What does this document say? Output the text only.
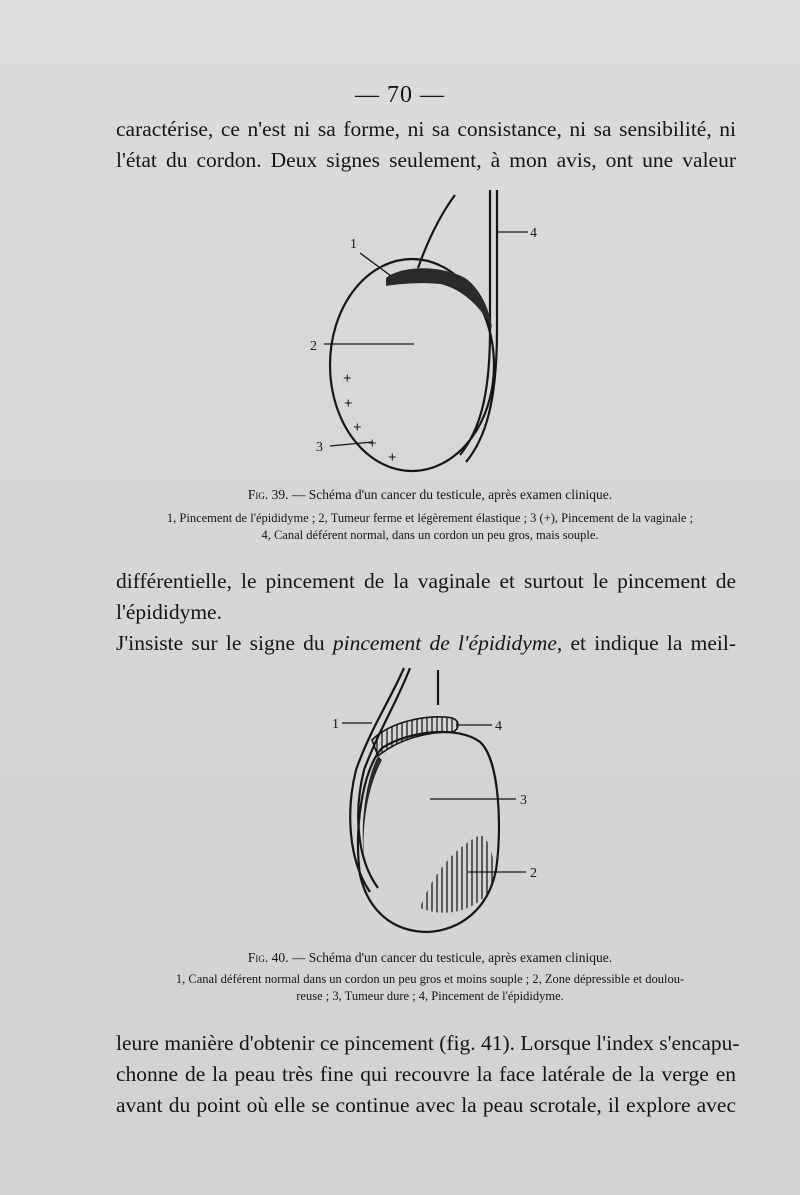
— 70 —
caractérise, ce n'est ni sa forme, ni sa consistance, ni sa sensibilité, ni
l'état du cordon. Deux signes seulement, à mon avis, ont une valeur
+
+
+
+
+
1
2
3
4
Fig. 39. — Schéma d'un cancer du testicule, après examen clinique.
1, Pincement de l'épididyme ; 2, Tumeur ferme et légèrement élastique ; 3 (+), Pincement de la vaginale ;
4, Canal déférent normal, dans un cordon un peu gros, mais souple.
différentielle, le pincement de la vaginale et surtout le pincement de
l'épididyme.
J'insiste sur le signe du pincement de l'épididyme, et indique la meil-
1	4
3
2
Fig. 40. — Schéma d'un cancer du testicule, après examen clinique.
1, Canal déférent normal dans un cordon un peu gros et moins souple ; 2, Zone dépressible et doulou-
reuse ; 3, Tumeur dure ; 4, Pincement de l'épididyme.
leure manière d'obtenir ce pincement (fig. 41). Lorsque l'index s'encapu-
chonne de la peau très fine qui recouvre la face latérale de la verge en
avant du point où elle se continue avec la peau scrotale, il explore avec
